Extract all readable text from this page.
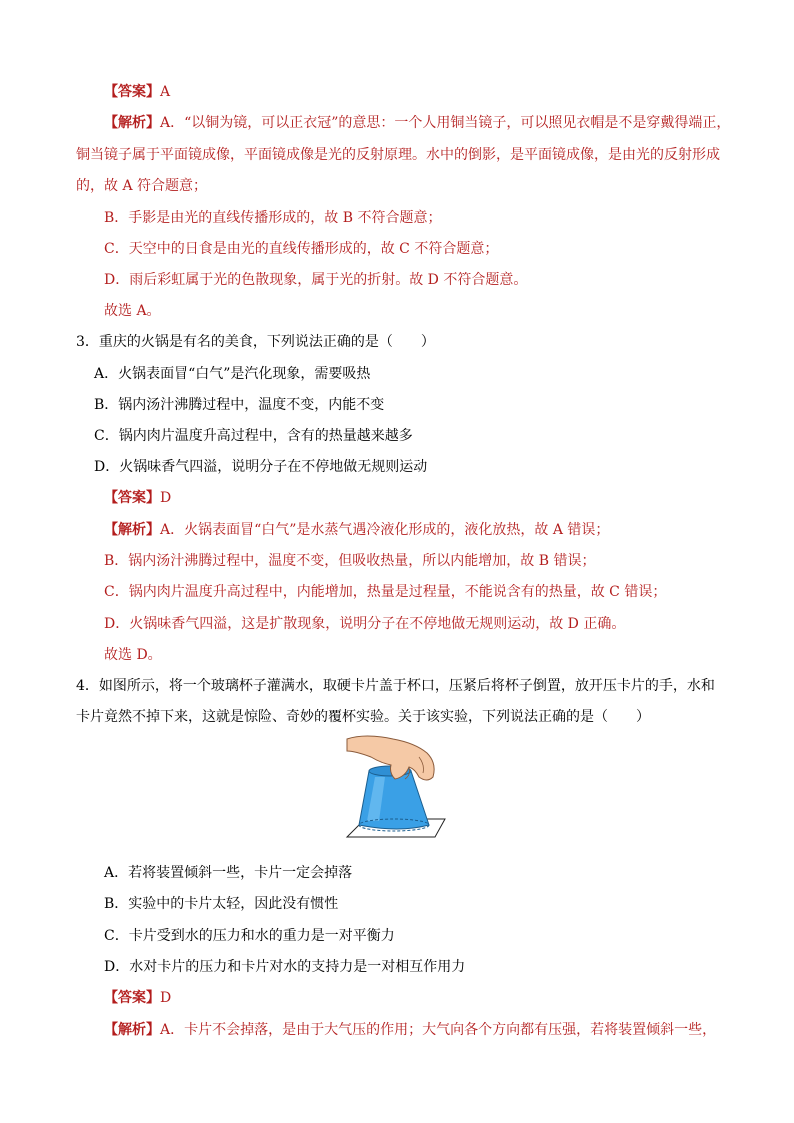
【答案】A
【解析】A．“以铜为镜，可以正衣冠”的意思：一个人用铜当镜子，可以照见衣帽是不是穿戴得端正，
铜当镜子属于平面镜成像，平面镜成像是光的反射原理。水中的倒影，是平面镜成像，是由光的反射形成
的，故 A 符合题意；
B．手影是由光的直线传播形成的，故 B 不符合题意；
C．天空中的日食是由光的直线传播形成的，故 C 不符合题意；
D．雨后彩虹属于光的色散现象，属于光的折射。故 D 不符合题意。
故选 A。
3．重庆的火锅是有名的美食，下列说法正确的是（　　）
A．火锅表面冒“白气”是汽化现象，需要吸热
B．锅内汤汁沸腾过程中，温度不变，内能不变
C．锅内肉片温度升高过程中，含有的热量越来越多
D．火锅味香气四溢，说明分子在不停地做无规则运动
【答案】D
【解析】A．火锅表面冒“白气”是水蒸气遇冷液化形成的，液化放热，故 A 错误；
B．锅内汤汁沸腾过程中，温度不变，但吸收热量，所以内能增加，故 B 错误；
C．锅内肉片温度升高过程中，内能增加，热量是过程量，不能说含有的热量，故 C 错误；
D．火锅味香气四溢，这是扩散现象，说明分子在不停地做无规则运动，故 D 正确。
故选 D。
4．如图所示，将一个玻璃杯子灌满水，取硬卡片盖于杯口，压紧后将杯子倒置，放开压卡片的手，水和
卡片竟然不掉下来，这就是惊险、奇妙的覆杯实验。关于该实验，下列说法正确的是（　　）
A．若将装置倾斜一些，卡片一定会掉落
B．实验中的卡片太轻，因此没有惯性
C．卡片受到水的压力和水的重力是一对平衡力
D．水对卡片的压力和卡片对水的支持力是一对相互作用力
【答案】D
【解析】A．卡片不会掉落，是由于大气压的作用；大气向各个方向都有压强，若将装置倾斜一些，
